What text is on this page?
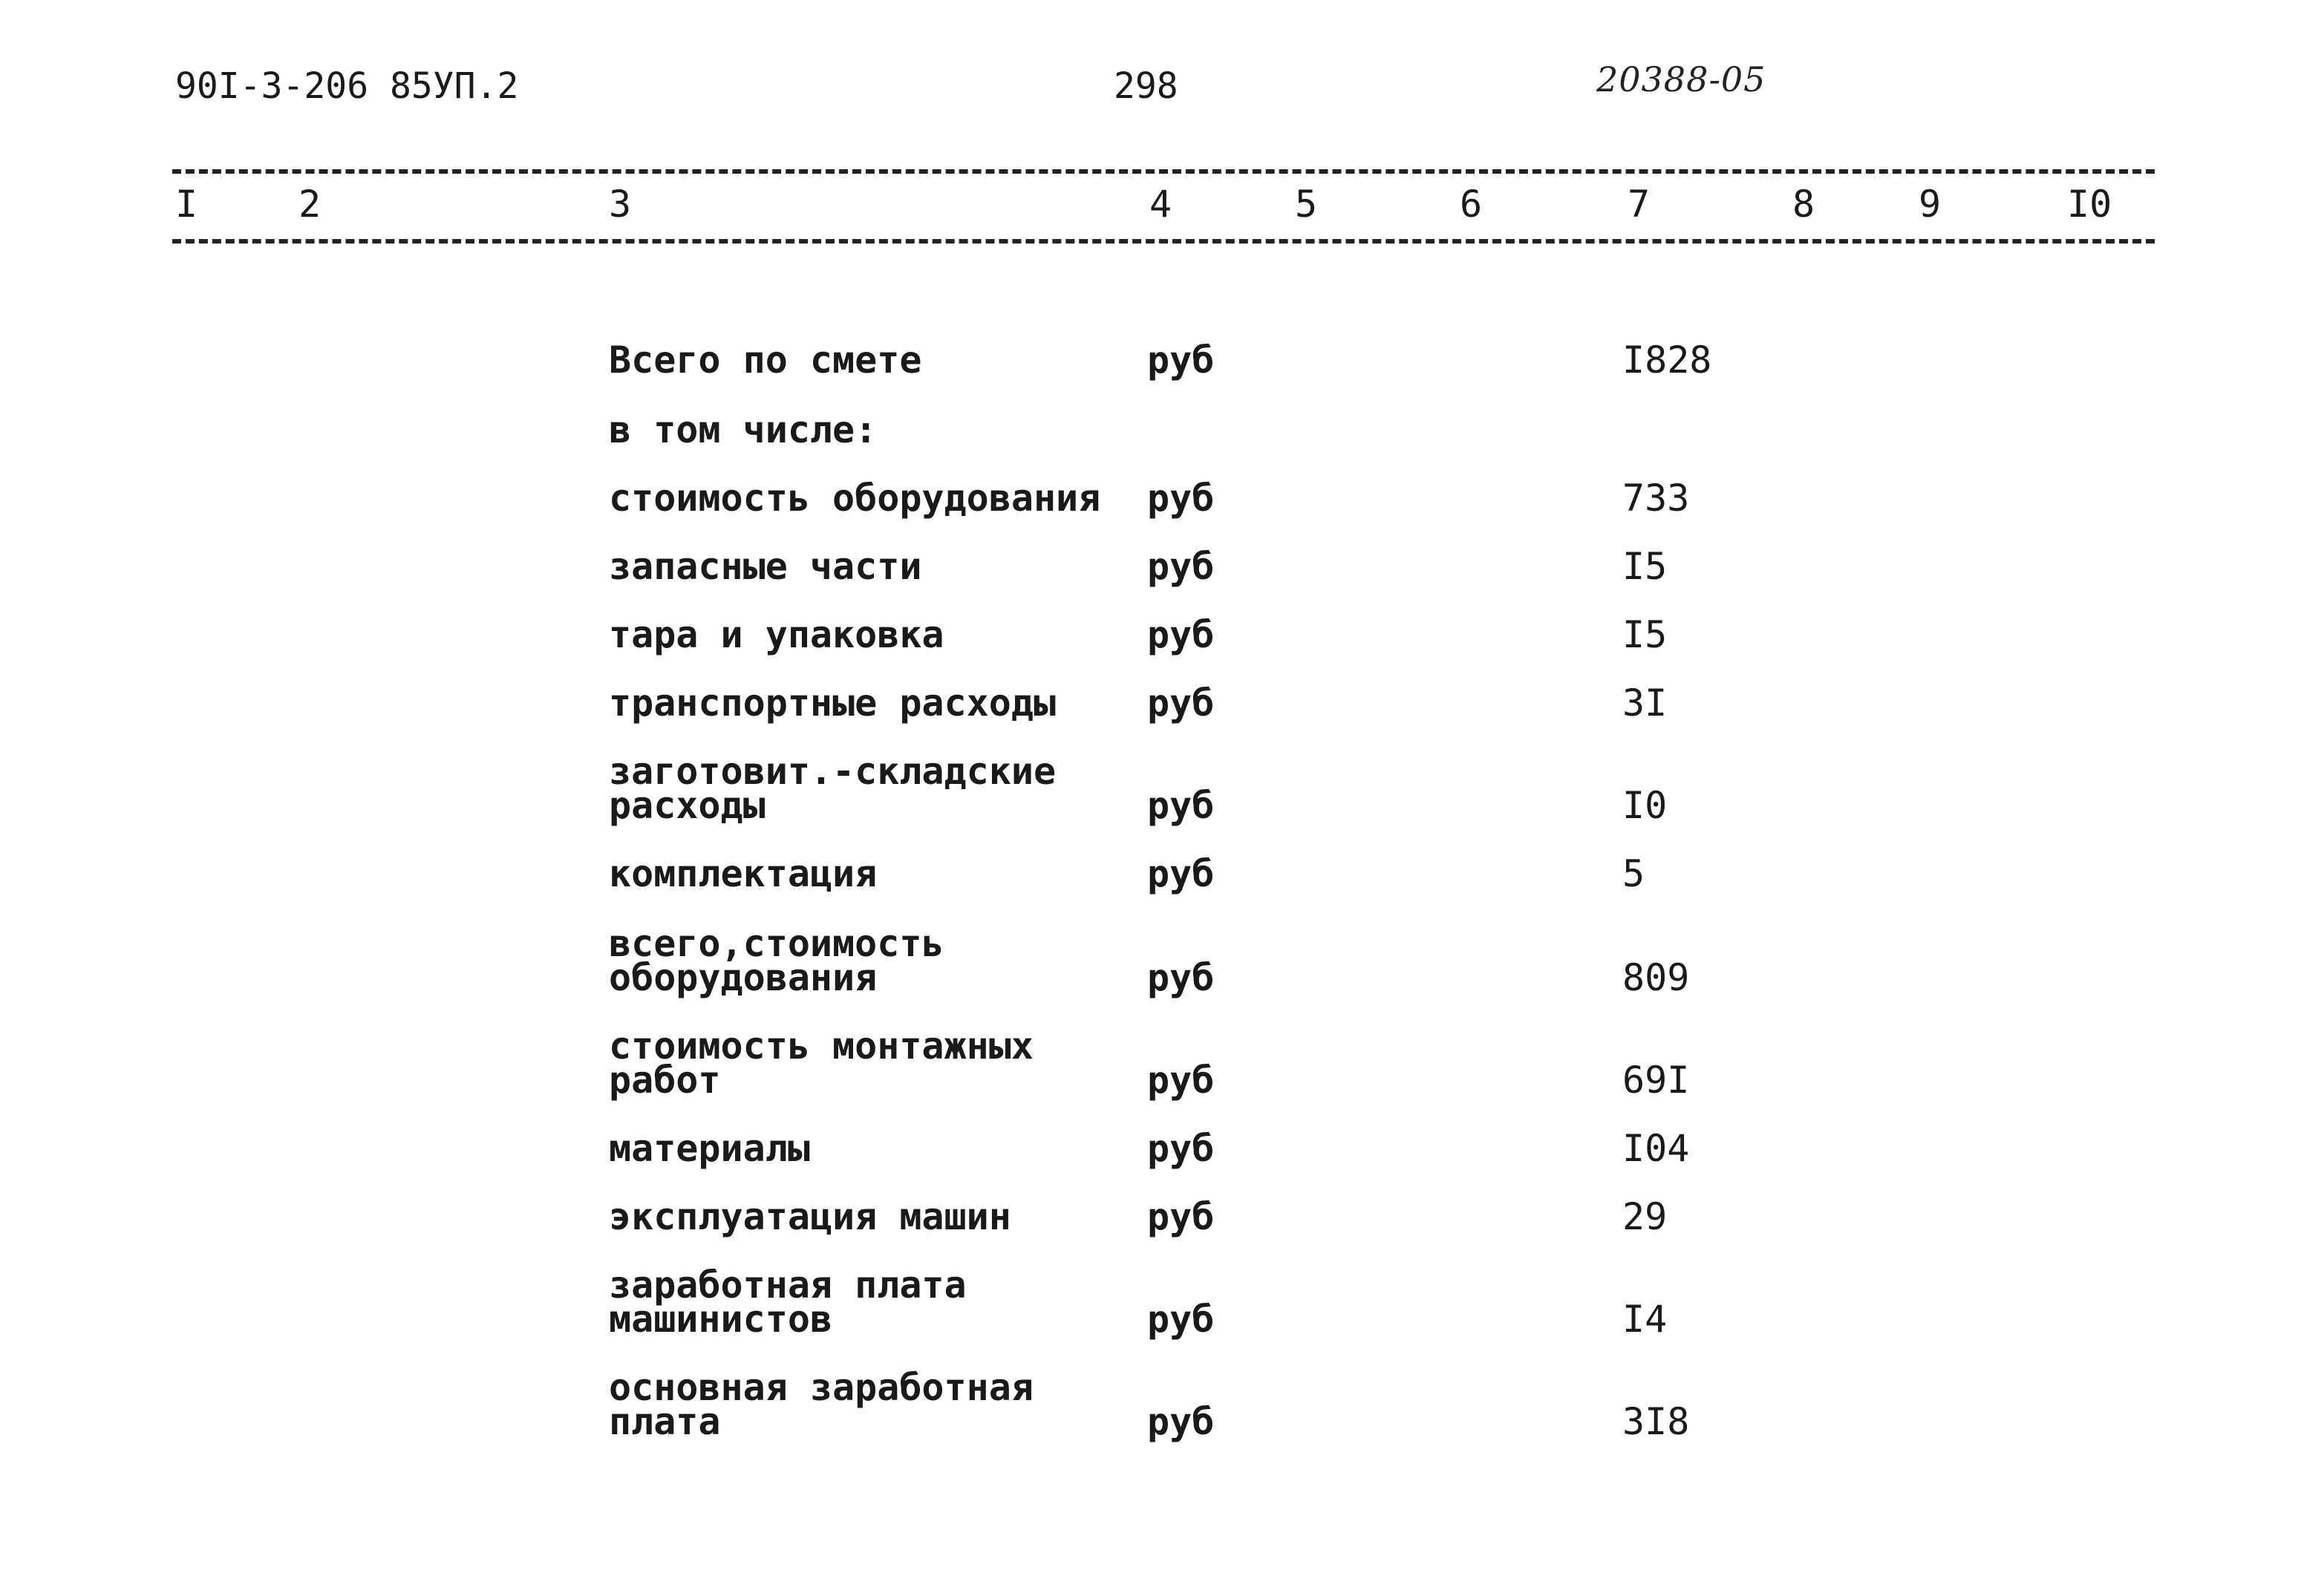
90I-3-206 85УП.2	298	20388-05
I	2	3	4	5	6	7	8	9	I0
Всего по смете	руб	I828
в том числе:
стоимость оборудования	руб	733
запасные части	руб	I5
тара и упаковка	руб	I5
транспортные расходы	руб	3I
заготовит.-складские
расходы	руб	I0
комплектация	руб	5
всего,стоимость
оборудования	руб	809
стоимость монтажных
работ	руб	69I
материалы	руб	I04
эксплуатация машин	руб	29
заработная плата
машинистов	руб	I4
основная заработная
плата	руб	3I8
